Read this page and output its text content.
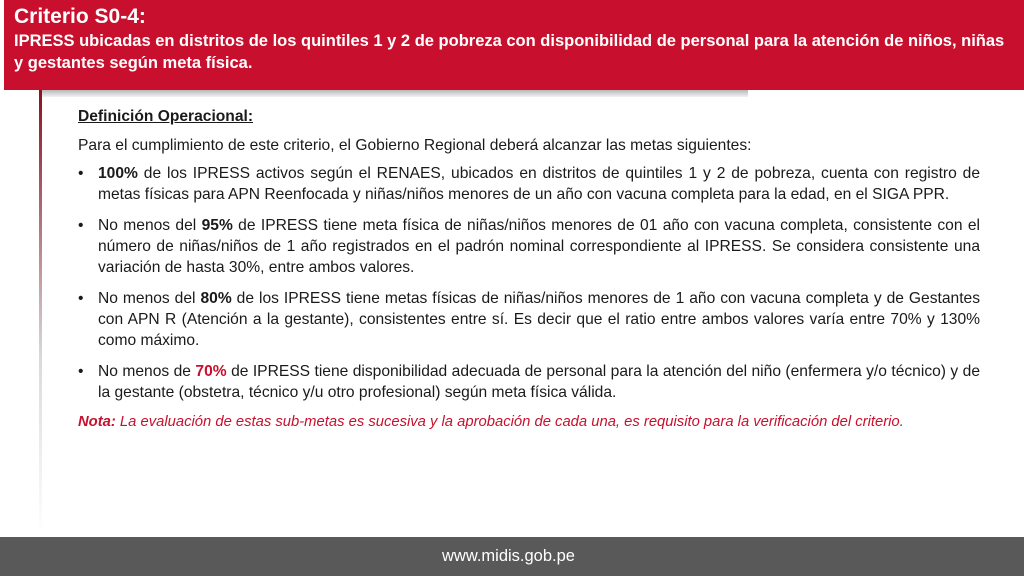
Criterio S0-4:
IPRESS ubicadas en distritos de los quintiles 1 y 2 de pobreza con disponibilidad de personal para la atención de niños, niñas y gestantes según meta física.
Definición Operacional:
Para el cumplimiento de este criterio, el Gobierno Regional deberá alcanzar las metas siguientes:
• 100% de los IPRESS activos según el RENAES, ubicados en distritos de quintiles 1 y 2 de pobreza, cuenta con registro de metas físicas para APN Reenfocada y niñas/niños menores de un año con vacuna completa para la edad, en el SIGA PPR.
• No menos del 95% de IPRESS tiene meta física de niñas/niños menores de 01 año con vacuna completa, consistente con el número de niñas/niños de 1 año registrados en el padrón nominal correspondiente al IPRESS. Se considera consistente una variación de hasta 30%, entre ambos valores.
• No menos del 80% de los IPRESS tiene metas físicas de niñas/niños menores de 1 año con vacuna completa y de Gestantes con APN R (Atención a la gestante), consistentes entre sí. Es decir que el ratio entre ambos valores varía entre 70% y 130% como máximo.
• No menos de 70% de IPRESS tiene disponibilidad adecuada de personal para la atención del niño (enfermera y/o técnico) y de la gestante (obstetra, técnico y/u otro profesional) según meta física válida.
Nota: La evaluación de estas sub-metas es sucesiva y la aprobación de cada una, es requisito para la verificación del criterio.
www.midis.gob.pe
